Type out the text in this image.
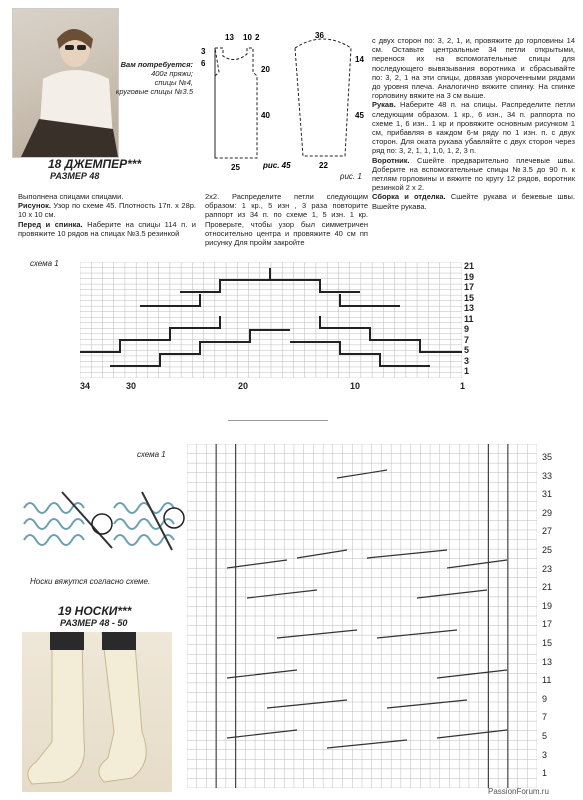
Вам потребуется:
400г пряжи;
спицы №4,
круговые спицы №3.5
18 ДЖЕМПЕР***
РАЗМЕР 48
13 10 2
3
6
20
40
25
36
14
45
22
рис. 45
рис. 1
с двух сторон по: 3, 2, 1, и, провяжите до горловины 14 см. Оставьте центральные 34 петли открытыми, перенося их на вспомогательные спицы для последующего вывязывания воротника и сбрасывайте по: 3, 2, 1 на эти спицы, довязав укороченными рядами до уровня плеча. Аналогично вяжите спинку. На спинке горловину вяжите на 3 см выше.
Рукав. Наберите 48 п. на спицы. Распределите петли следующим образом. 1 кр., 6 изн., 34 п. раппорта по схеме 1, 6 изн.. 1 кр и провяжите основным рисунком 1 см, прибавляя в каждом 6-м ряду по 1 изн. п. с двух сторон. Для оката рукава убавляйте с двух сторон через ряд по: 3, 2, 1, 1, 1,0, 1, 2, 3 п.
Воротник. Сшейте предварительно плечевые швы. Доберите на вспомогательные спицы №3.5 до 90 п. к петлям горловины и вяжите по кругу 12 рядов, воротник резинкой 2 x 2.
Сборка и отделка. Сшейте рукава и бежевые швы. Вшейте рукава.
Выполнена спицами спицами.
Рисунок. Узор по схеме 45. Плотность 17п. x 28р. 10 x 10 см.
Перед и спинка. Наберите на спицы 114 п. и провяжите 10 рядов на спицах №3.5 резинкой
2x2. Распределите петли следующим образом: 1 кр., 5 изн , 3 раза повторите раппорт из 34 п. по схеме 1, 5 изн. 1 кр. Проверьте, чтобы узор был симметричен относительно центра и провяжите 40 см пп рисунку Для пройм закройте
схема 1	21
19
17
15
13
11
9
7
5
3
1
34	30	20	10	1
схема 1	35
33
31
29
27
25
23
21
19
17
15
13
11
9
7
5
3
1
Носки вяжутся согласно схеме.
19 НОСКИ***
РАЗМЕР 48 - 50
PassionForum.ru
